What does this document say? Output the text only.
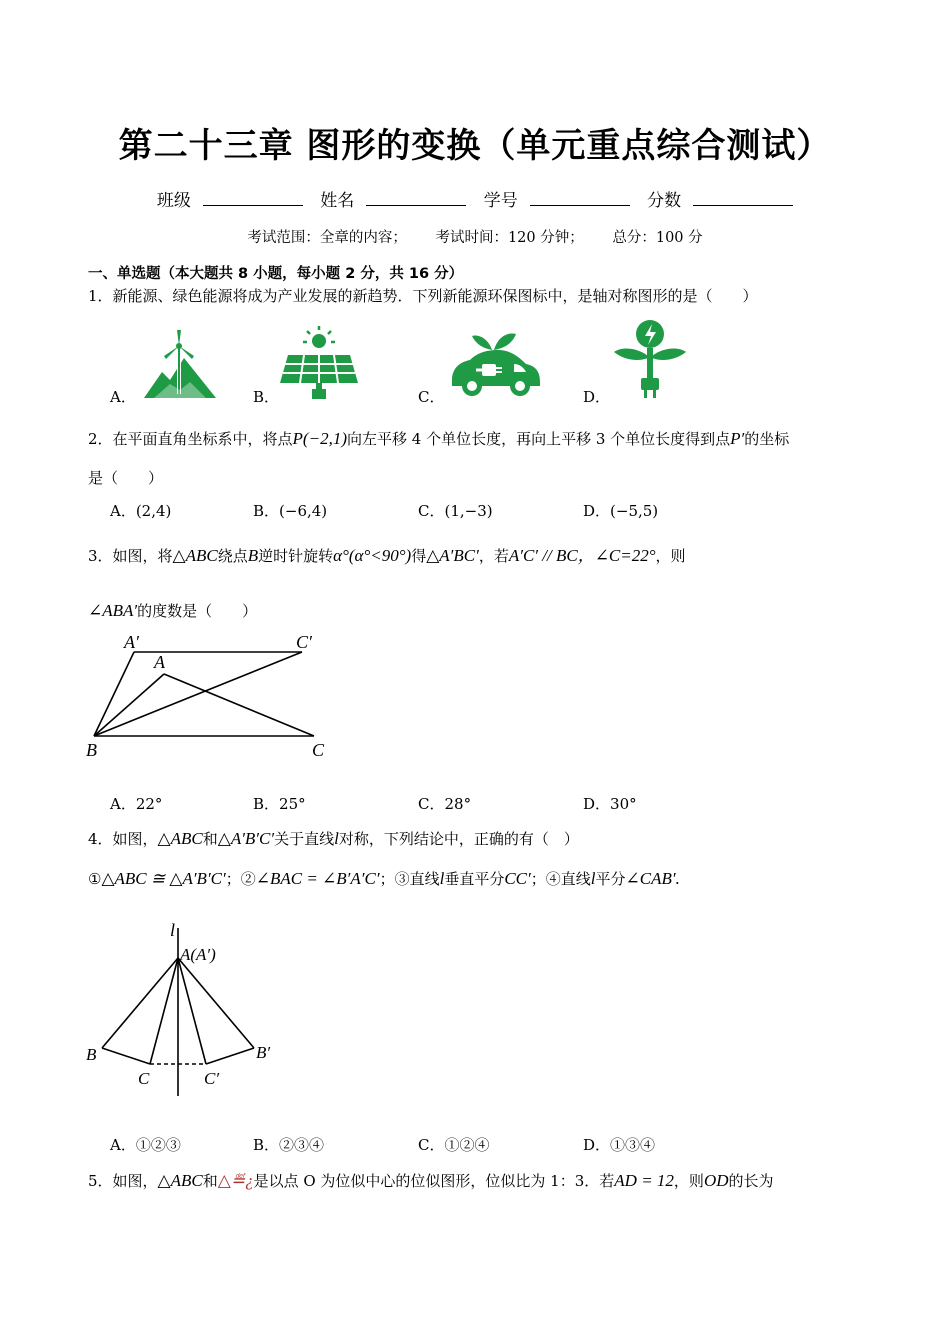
第二十三章 图形的变换（单元重点综合测试）
班级	姓名	学号	分数
考试范围：全章的内容； 考试时间：120 分钟； 总分：100 分
一、单选题（本大题共 8 小题，每小题 2 分，共 16 分）
1．新能源、绿色能源将成为产业发展的新趋势．下列新能源环保图标中，是轴对称图形的是（　　）
A．	B．	C．	D．
2．在平面直角坐标系中，将点P(−2,1)向左平移 4 个单位长度，再向上平移 3 个单位长度得到点P′的坐标
是（　　）
A．(2,4)	B．(−6,4)	C．(1,−3)	D．(−5,5)
3．如图，将△ABC绕点B逆时针旋转α°(α°<90°)得△A′BC′，若A′C′ // BC，∠C=22°，则
∠ABA′的度数是（　　）
A′	C′
A
B	C
A．22°	B．25°	C．28°	D．30°
4．如图，△ABC和△A′B′C′关于直线l对称，下列结论中，正确的有（　）
①△ABC ≅ △A′B′C′；②∠BAC = ∠B′A′C′；③直线l垂直平分CC′；④直线l平分∠CAB′.
l
A(A′)
B	B′
C	C′
A．①②③	B．②③④	C．①②④	D．①③④
5．如图，△ABC和△≝¿是以点 O 为位似中心的位似图形，位似比为 1：3．若AD = 12，则OD的长为
